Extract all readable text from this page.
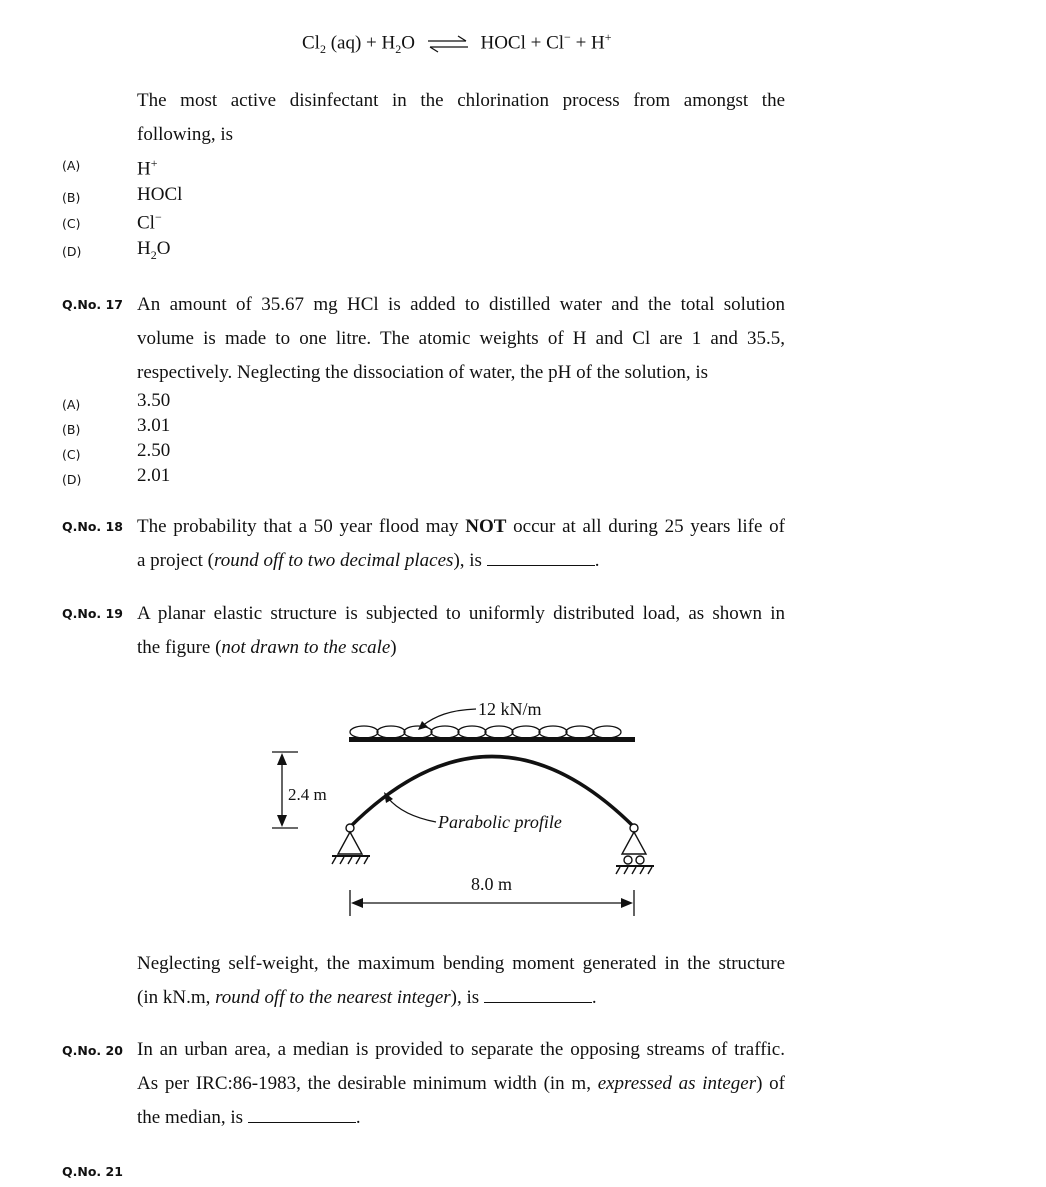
$Cl_2$ $(aq) + H_2O$ ⇌ HOCl + Cl− + H+
The most active disinfectant in the chlorination process from amongst the
following, is
(A)	H+
(B)	HOCl
(C)	Cl−
(D)	$H_2O$
Q.No. 17 An amount of 35.67 mg HCl is added to distilled water and the total solution
volume is made to one litre. The atomic weights of H and Cl are 1 and 35.5,
respectively. Neglecting the dissociation of water, the pH of the solution, is
(A)	3.50
(B)	3.01
(C)	2.50
(D)	2.01
Q.No. 18 The probability that a 50 year flood may NOT occur at all during 25 years life of
a project (round off to two decimal places), is	.
Q.No. 19 A planar elastic structure is subjected to uniformly distributed load, as shown in
the figure (not drawn to the scale)
12 kN/m
2.4 m
Parabolic profile
8.0 m
Neglecting self-weight, the maximum bending moment generated in the structure
(in kN.m, round off to the nearest integer), is	.
Q.No. 20 In an urban area, a median is provided to separate the opposing streams of traffic.
As per IRC:86-1983, the desirable minimum width (in m, expressed as integer) of
the median, is	.
Q.No. 21
